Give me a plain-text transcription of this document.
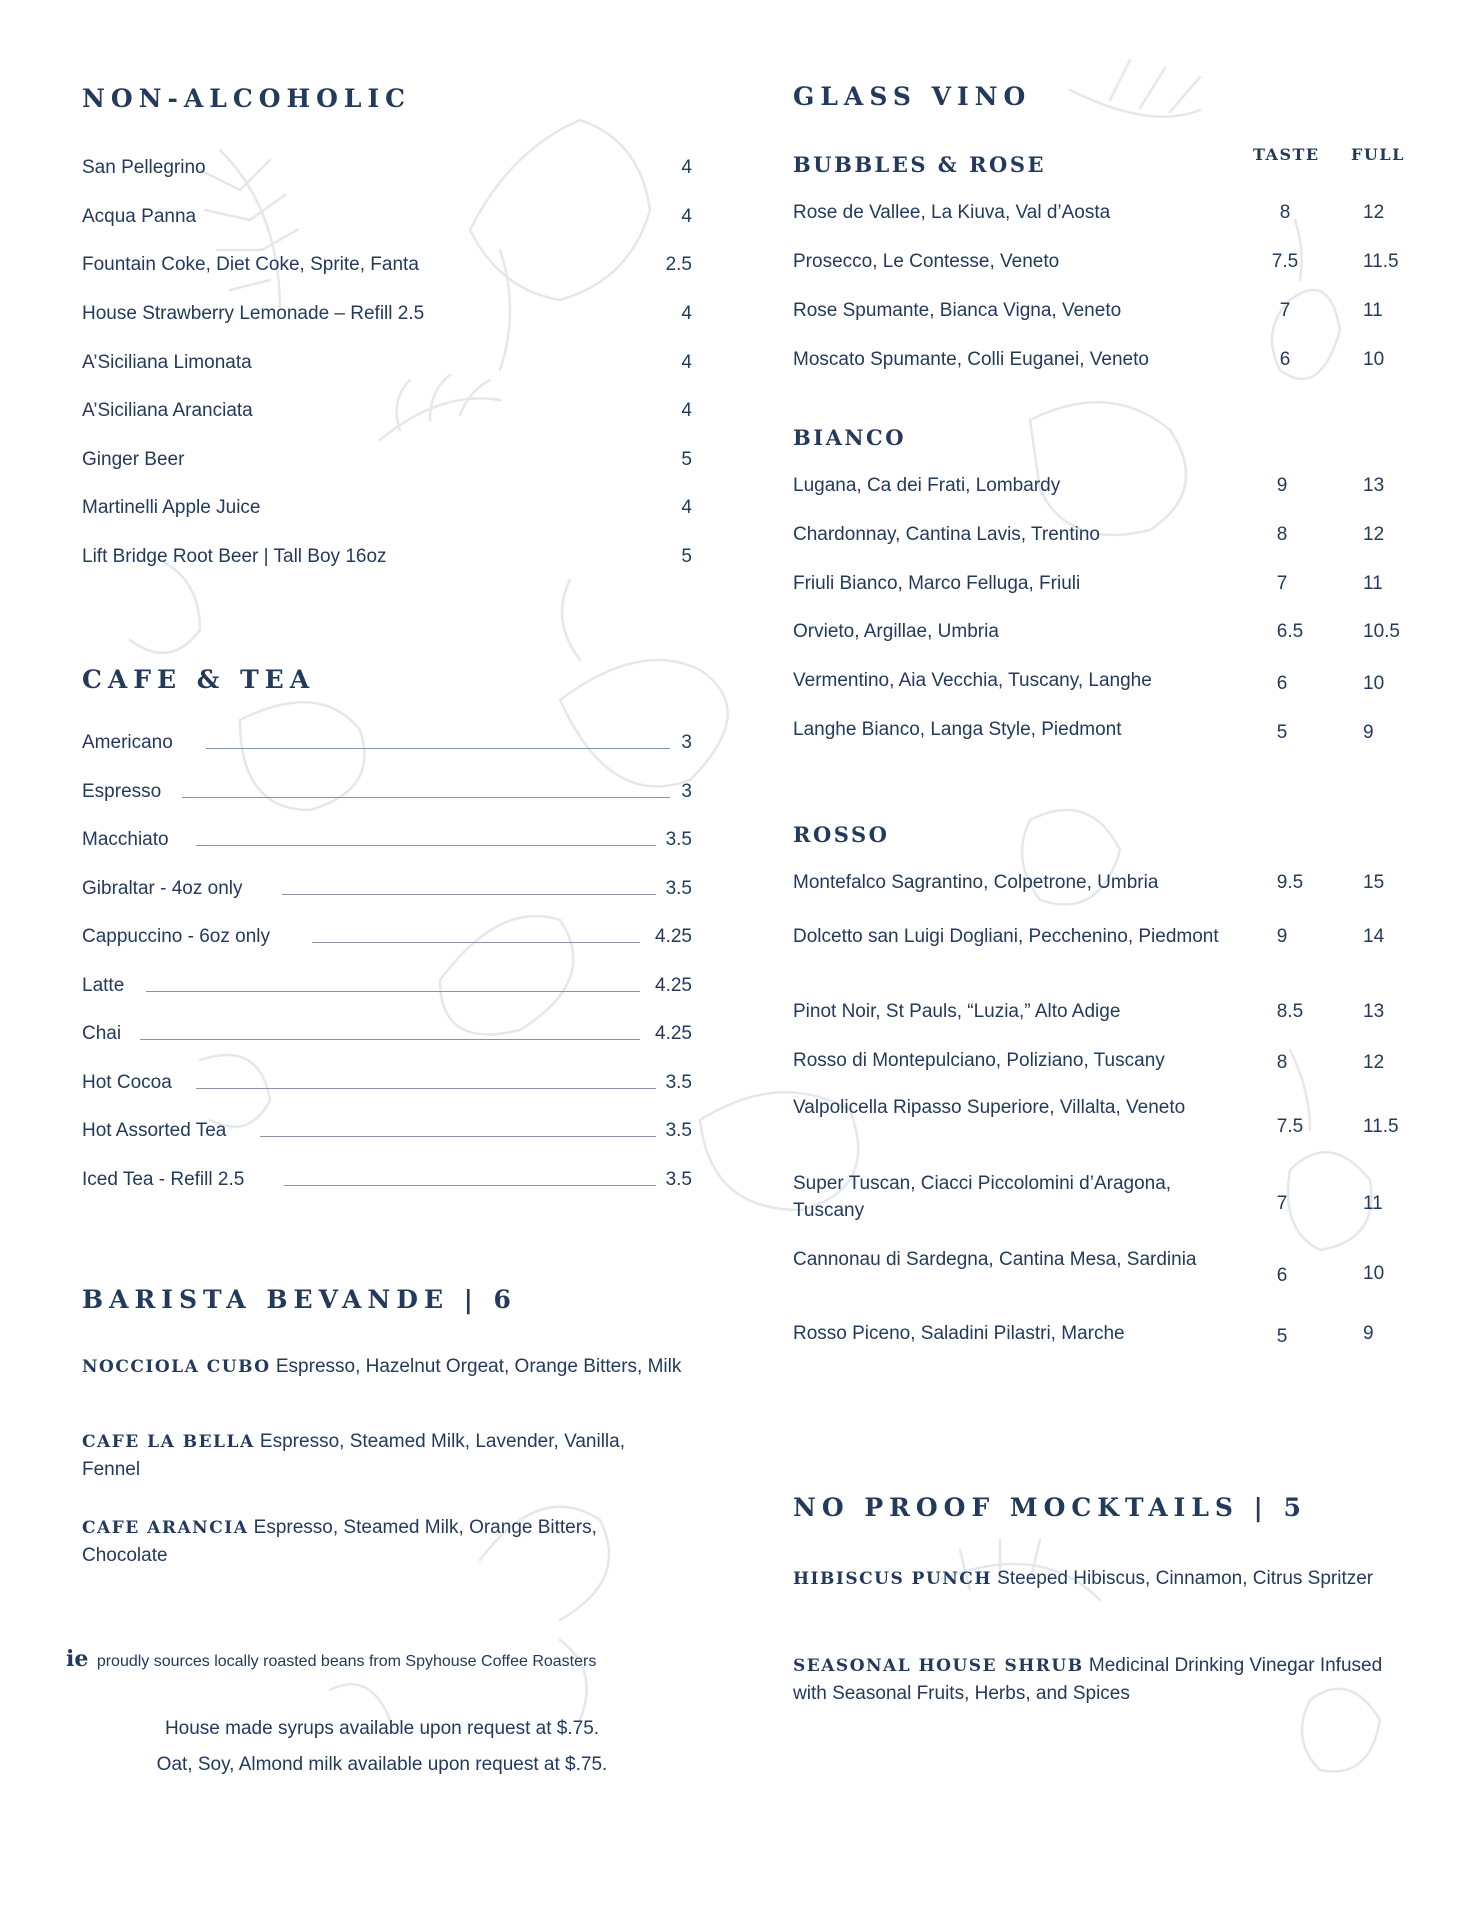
NON-ALCOHOLIC
San Pellegrino	4
Acqua Panna	4
Fountain Coke, Diet Coke, Sprite, Fanta	2.5
House Strawberry Lemonade – Refill 2.5	4
A’Siciliana Limonata	4
A’Siciliana Aranciata	4
Ginger Beer	5
Martinelli Apple Juice	4
Lift Bridge Root Beer | Tall Boy 16oz	5
CAFE & TEA
Americano	3
Espresso	3
Macchiato	3.5
Gibraltar - 4oz only	3.5
Cappuccino - 6oz only	4.25
Latte	4.25
Chai	4.25
Hot Cocoa	3.5
Hot Assorted Tea	3.5
Iced Tea - Refill 2.5	3.5
BARISTA BEVANDE | 6
NOCCIOLA CUBO Espresso, Hazelnut Orgeat, Orange Bitters, Milk
CAFE LA BELLA Espresso, Steamed Milk, Lavender, Vanilla, Fennel
CAFE ARANCIA Espresso, Steamed Milk, Orange Bitters, Chocolate
ie proudly sources locally roasted beans from Spyhouse Coffee Roasters
House made syrups available upon request at $.75.
Oat, Soy, Almond milk available upon request at $.75.
GLASS VINO
TASTE FULL
BUBBLES & ROSE
Rose de Vallee, La Kiuva, Val d’Aosta	8	12
Prosecco, Le Contesse, Veneto	7.5	11.5
Rose Spumante, Bianca Vigna, Veneto	7	11
Moscato Spumante, Colli Euganei, Veneto	6	10
BIANCO
Lugana, Ca dei Frati, Lombardy	9	13
Chardonnay, Cantina Lavis, Trentino	8	12
Friuli Bianco, Marco Felluga, Friuli	7	11
Orvieto, Argillae, Umbria	6.5	10.5
Vermentino, Aia Vecchia, Tuscany, Langhe	6	10
Langhe Bianco, Langa Style, Piedmont	5	9
ROSSO
Montefalco Sagrantino, Colpetrone, Umbria	9.5	15
Dolcetto san Luigi Dogliani, Pecchenino, Piedmont	9	14
Pinot Noir, St Pauls, “Luzia,” Alto Adige	8.5	13
Rosso di Montepulciano, Poliziano, Tuscany	8	12
Valpolicella Ripasso Superiore, Villalta, Veneto
7.5	11.5
Super Tuscan, Ciacci Piccolomini d’Aragona, Tuscany	7	11
Cannonau di Sardegna, Cantina Mesa, Sardinia
6	10
Rosso Piceno, Saladini Pilastri, Marche	5	9
NO PROOF MOCKTAILS | 5
HIBISCUS PUNCH Steeped Hibiscus, Cinnamon, Citrus Spritzer
SEASONAL HOUSE SHRUB Medicinal Drinking Vinegar Infused with Seasonal Fruits, Herbs, and Spices
